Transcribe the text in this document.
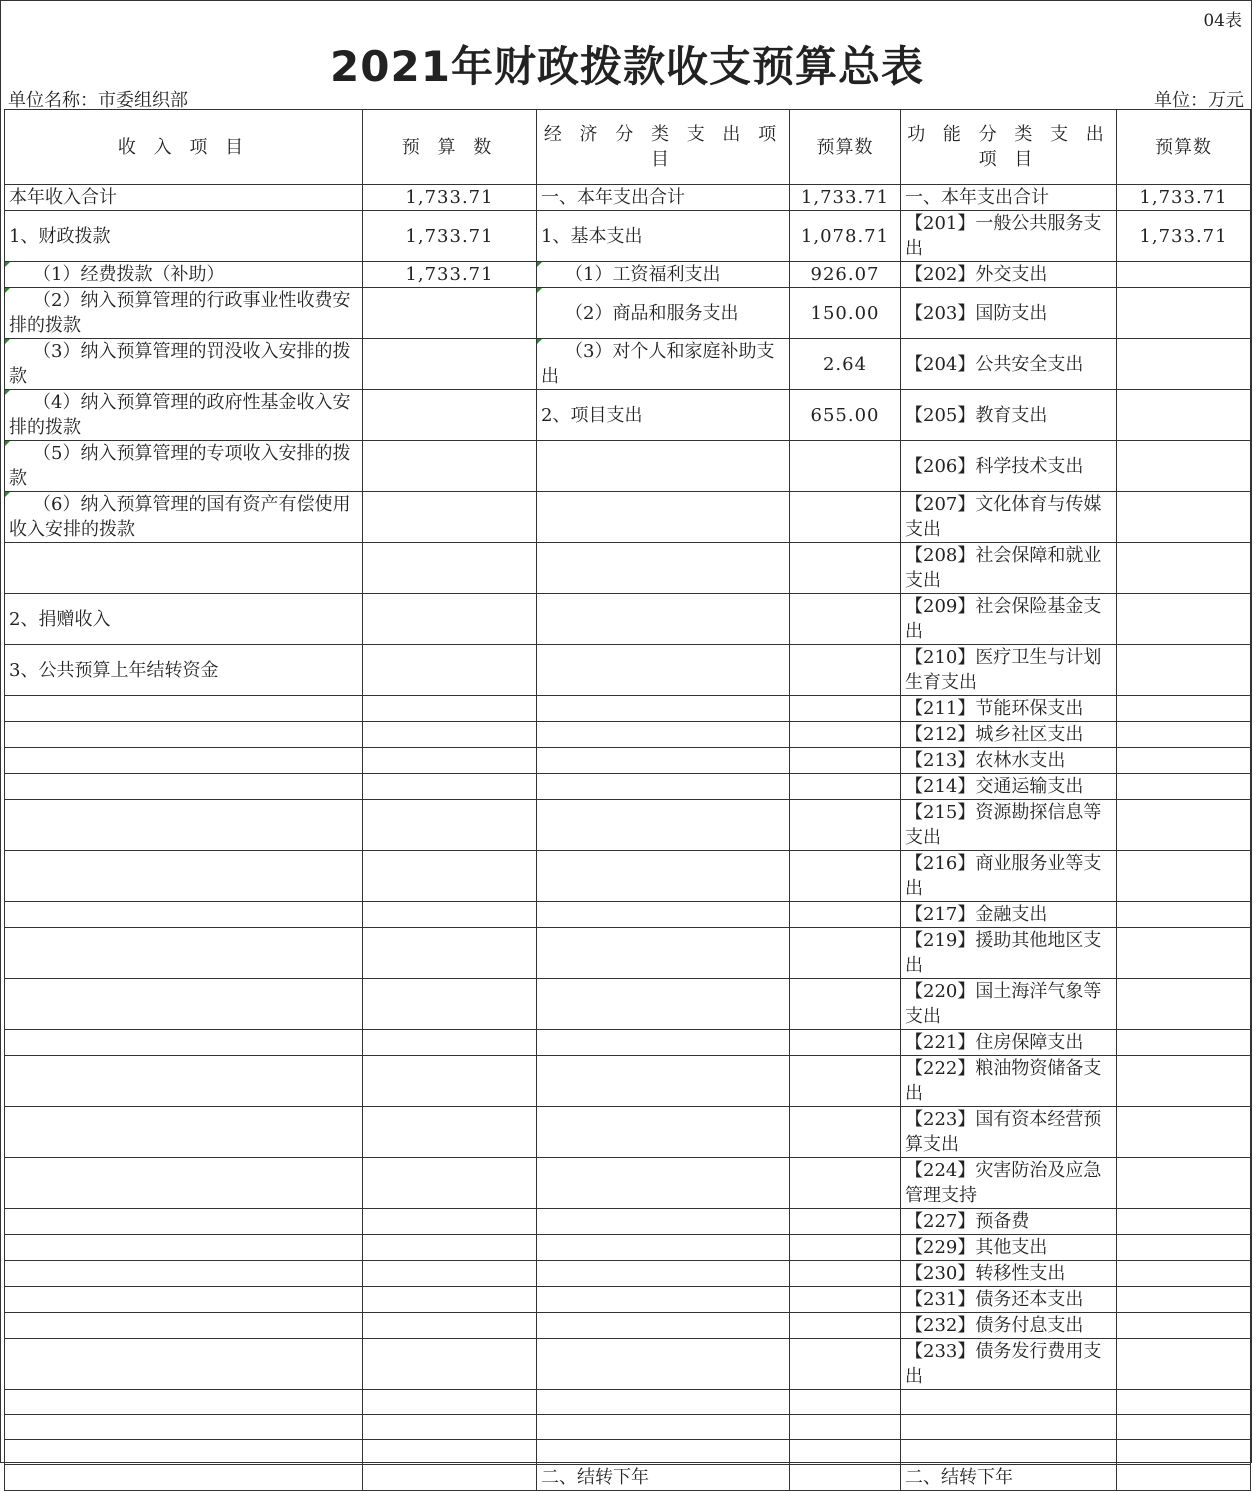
04表
2021年财政拨款收支预算总表
单位名称：市委组织部	单位：万元
收 入 项 目	预 算 数	经 济 分 类 支 出 项 目	预算数	功 能 分 类 支 出 项 目	预算数
本年收入合计	1,733.71	一、本年支出合计	1,733.71	一、本年支出合计	1,733.71
1、财政拨款	1,733.71	1、基本支出	1,078.71	【201】一般公共服务支出	1,733.71
（1）经费拨款（补助）	1,733.71	（1）工资福利支出	926.07	【202】外交支出	
（2）纳入预算管理的行政事业性收费安排的拨款		（2）商品和服务支出	150.00	【203】国防支出	
（3）纳入预算管理的罚没收入安排的拨款		（3）对个人和家庭补助支出	2.64	【204】公共安全支出	
（4）纳入预算管理的政府性基金收入安排的拨款		2、项目支出	655.00	【205】教育支出	
（5）纳入预算管理的专项收入安排的拨款				【206】科学技术支出	
（6）纳入预算管理的国有资产有偿使用收入安排的拨款				【207】文化体育与传媒支出	
				【208】社会保障和就业支出	
2、捐赠收入				【209】社会保险基金支出	
3、公共预算上年结转资金				【210】医疗卫生与计划生育支出	
				【211】节能环保支出	
				【212】城乡社区支出	
				【213】农林水支出	
				【214】交通运输支出	
				【215】资源勘探信息等支出	
				【216】商业服务业等支出	
				【217】金融支出	
				【219】援助其他地区支出	
				【220】国土海洋气象等支出	
				【221】住房保障支出	
				【222】粮油物资储备支出	
				【223】国有资本经营预算支出	
				【224】灾害防治及应急管理支持	
				【227】预备费	
				【229】其他支出	
				【230】转移性支出	
				【231】债务还本支出	
				【232】债务付息支出	
				【233】债务发行费用支出	

		二、结转下年		二、结转下年	
